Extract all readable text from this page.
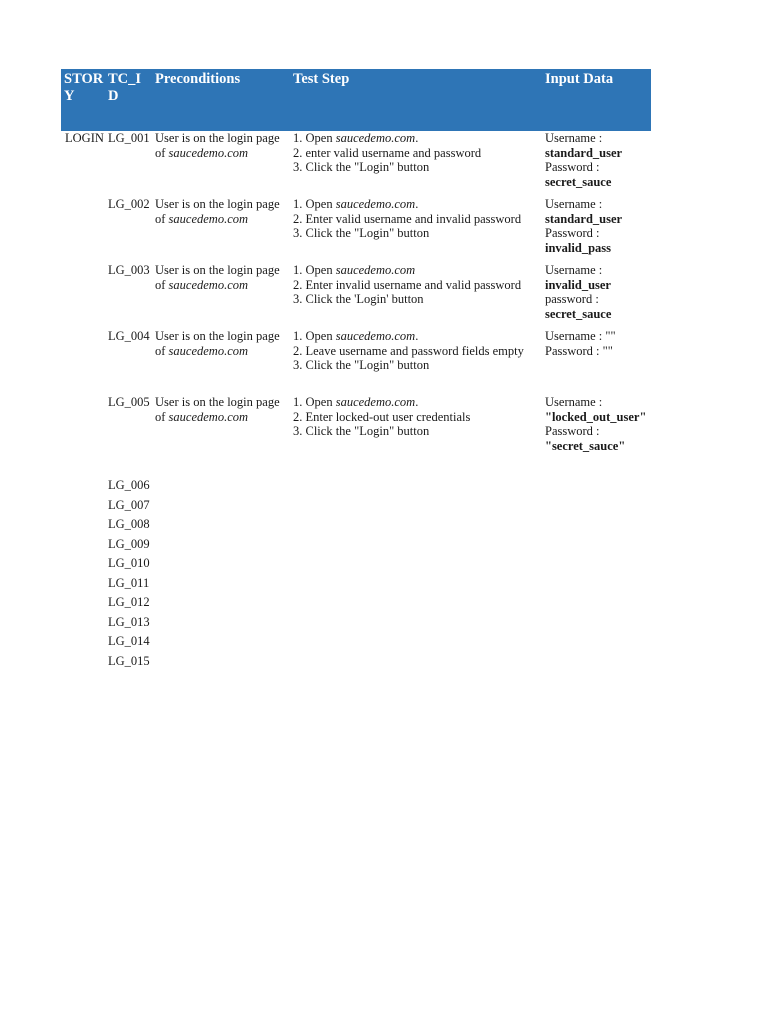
STOR
Y
TC_I
D
Preconditions	Test Step	Input Data
LOGIN LG_001 User is on the login page
of saucedemo.com
1. Open saucedemo.com.
2. enter valid username and password
3. Click the "Login" button
Username :
standard_user
Password :
secret_sauce
LG_002 User is on the login page
of saucedemo.com
1. Open saucedemo.com.
2. Enter valid username and invalid password
3. Click the "Login" button
Username :
standard_user
Password :
invalid_pass
LG_003 User is on the login page
of saucedemo.com
1. Open saucedemo.com
2. Enter invalid username and valid password
3. Click the 'Login' button
Username :
invalid_user
password :
secret_sauce
LG_004 User is on the login page
of saucedemo.com
1. Open saucedemo.com.
2. Leave username and password fields empty
3. Click the "Login" button
Username : ""
Password : ""
LG_005 User is on the login page
of saucedemo.com
1. Open saucedemo.com.
2. Enter locked-out user credentials
3. Click the "Login" button
Username :
"locked_out_user"
Password :
"secret_sauce"
LG_006
LG_007
LG_008
LG_009
LG_010
LG_011
LG_012
LG_013
LG_014
LG_015
